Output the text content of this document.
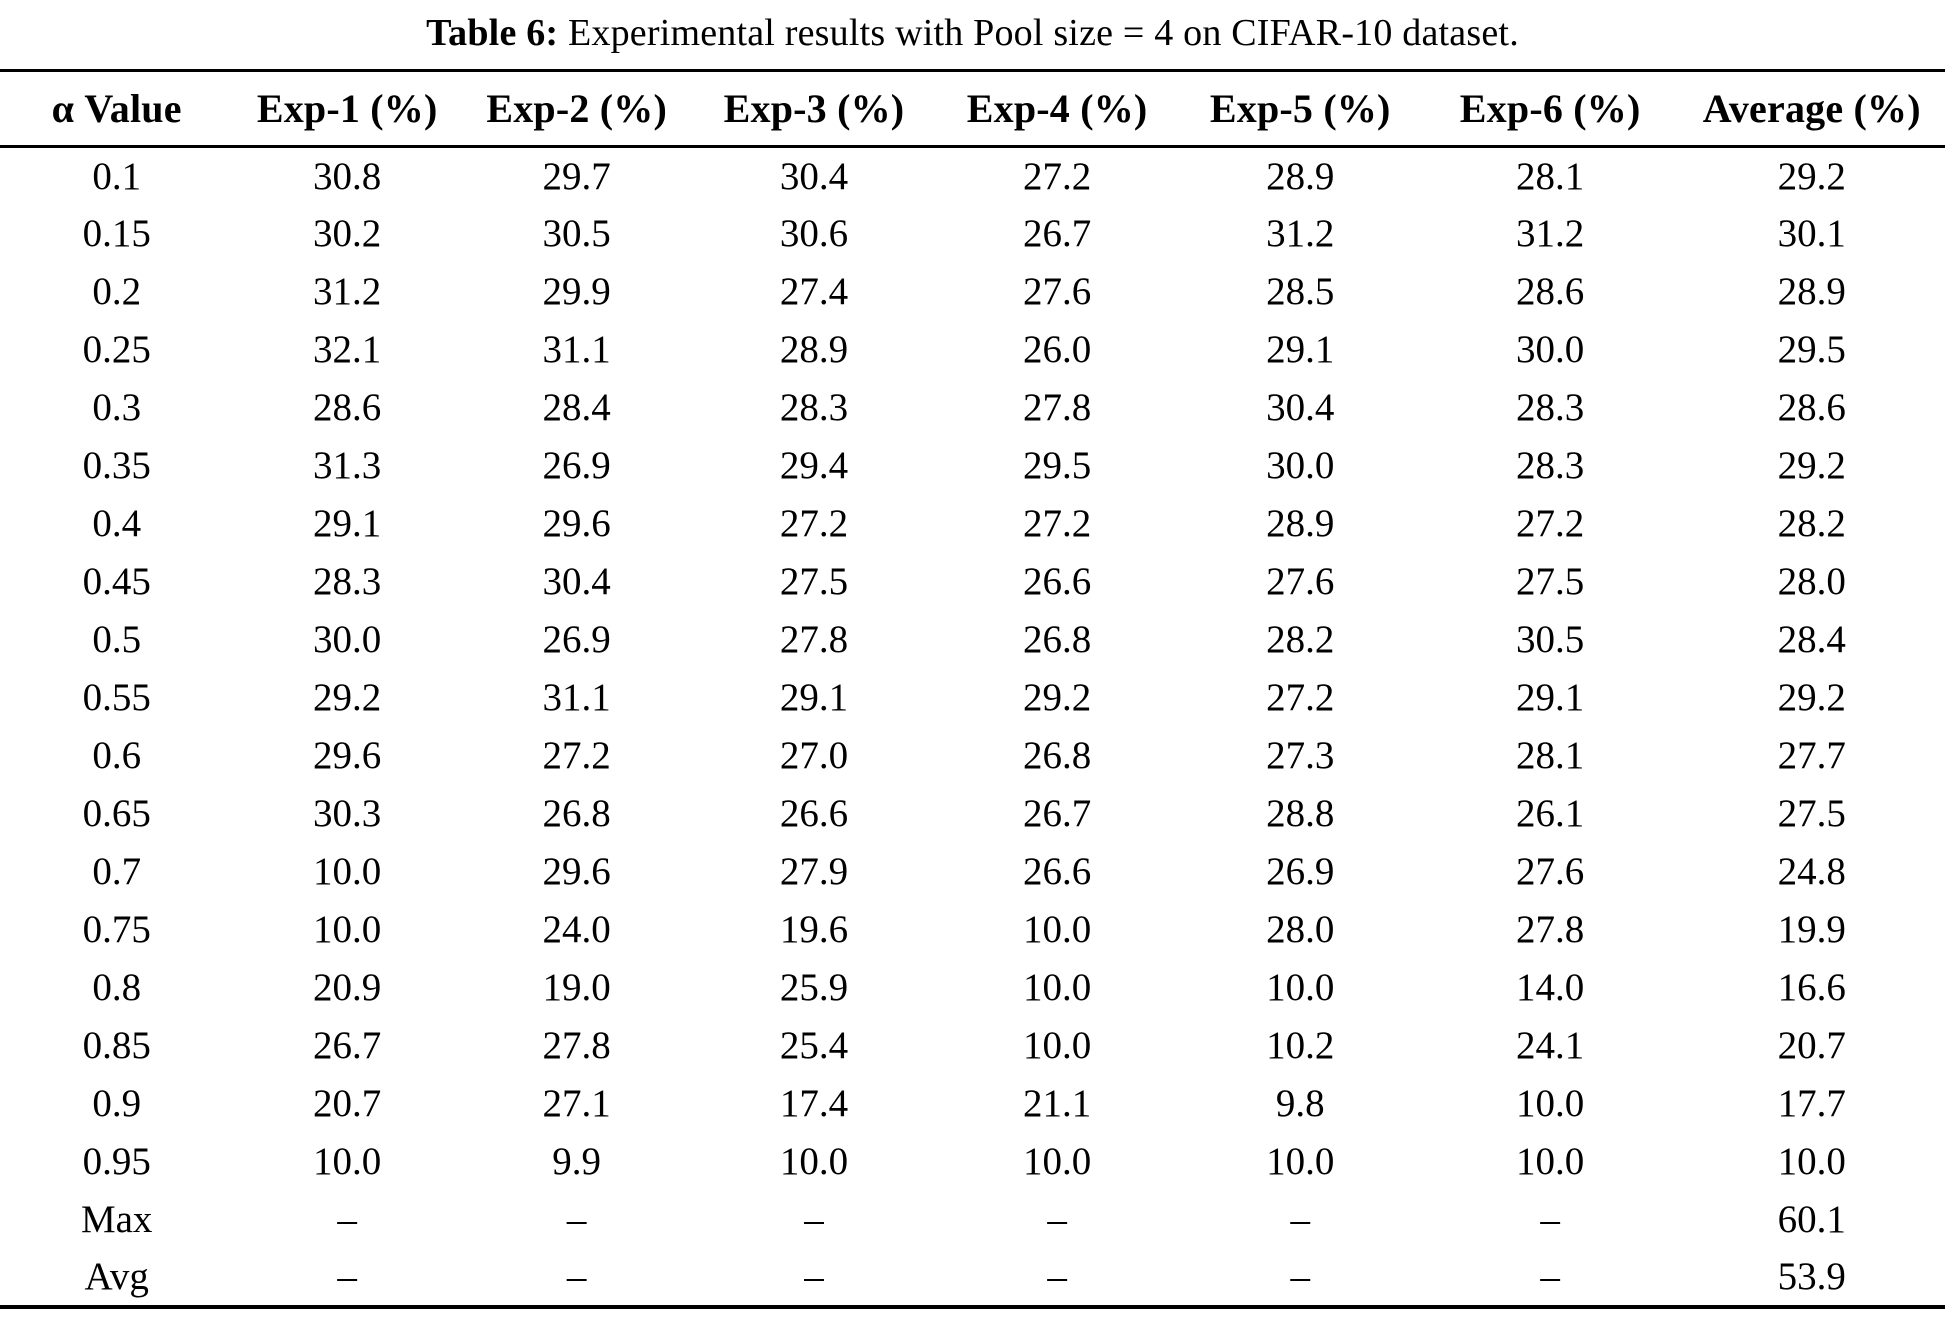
Table 6: Experimental results with Pool size = 4 on CIFAR-10 dataset.
α Value	Exp-1 (%)	Exp-2 (%)	Exp-3 (%)	Exp-4 (%)	Exp-5 (%)	Exp-6 (%)	Average (%)
0.1	30.8	29.7	30.4	27.2	28.9	28.1	29.2
0.15	30.2	30.5	30.6	26.7	31.2	31.2	30.1
0.2	31.2	29.9	27.4	27.6	28.5	28.6	28.9
0.25	32.1	31.1	28.9	26.0	29.1	30.0	29.5
0.3	28.6	28.4	28.3	27.8	30.4	28.3	28.6
0.35	31.3	26.9	29.4	29.5	30.0	28.3	29.2
0.4	29.1	29.6	27.2	27.2	28.9	27.2	28.2
0.45	28.3	30.4	27.5	26.6	27.6	27.5	28.0
0.5	30.0	26.9	27.8	26.8	28.2	30.5	28.4
0.55	29.2	31.1	29.1	29.2	27.2	29.1	29.2
0.6	29.6	27.2	27.0	26.8	27.3	28.1	27.7
0.65	30.3	26.8	26.6	26.7	28.8	26.1	27.5
0.7	10.0	29.6	27.9	26.6	26.9	27.6	24.8
0.75	10.0	24.0	19.6	10.0	28.0	27.8	19.9
0.8	20.9	19.0	25.9	10.0	10.0	14.0	16.6
0.85	26.7	27.8	25.4	10.0	10.2	24.1	20.7
0.9	20.7	27.1	17.4	21.1	9.8	10.0	17.7
0.95	10.0	9.9	10.0	10.0	10.0	10.0	10.0
Max	–	–	–	–	–	–	60.1
Avg	–	–	–	–	–	–	53.9
